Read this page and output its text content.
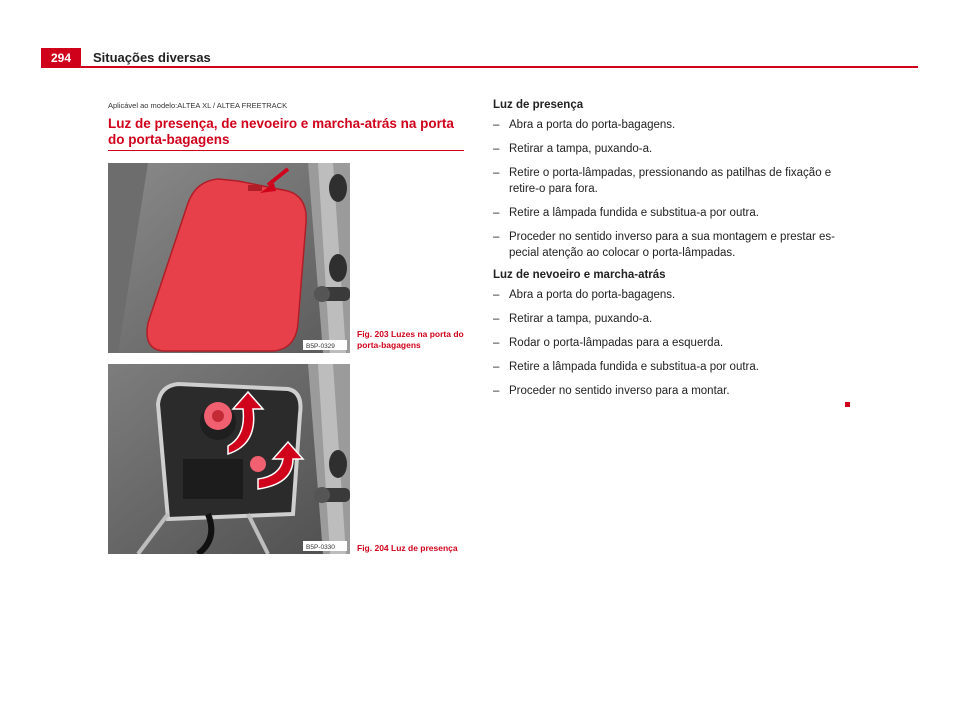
294	Situações diversas
Aplicável ao modelo:ALTEA XL / ALTEA FREETRACK
Luz de presença, de nevoeiro e marcha-atrás na porta do porta-bagagens
B5P-0329
Fig. 203 Luzes na porta do porta-bagagens
B5P-0330	Fig. 204 Luz de presença
Luz de presença
– Abra a porta do porta-bagagens.
– Retirar a tampa, puxando-a.
– Retire o porta-lâmpadas, pressionando as patilhas de fixação e retire-o para fora.
– Retire a lâmpada fundida e substitua-a por outra.
– Proceder no sentido inverso para a sua montagem e prestar es-pecial atenção ao colocar o porta-lâmpadas.
Luz de nevoeiro e marcha-atrás
– Abra a porta do porta-bagagens.
– Retirar a tampa, puxando-a.
– Rodar o porta-lâmpadas para a esquerda.
– Retire a lâmpada fundida e substitua-a por outra.
– Proceder no sentido inverso para a montar.
